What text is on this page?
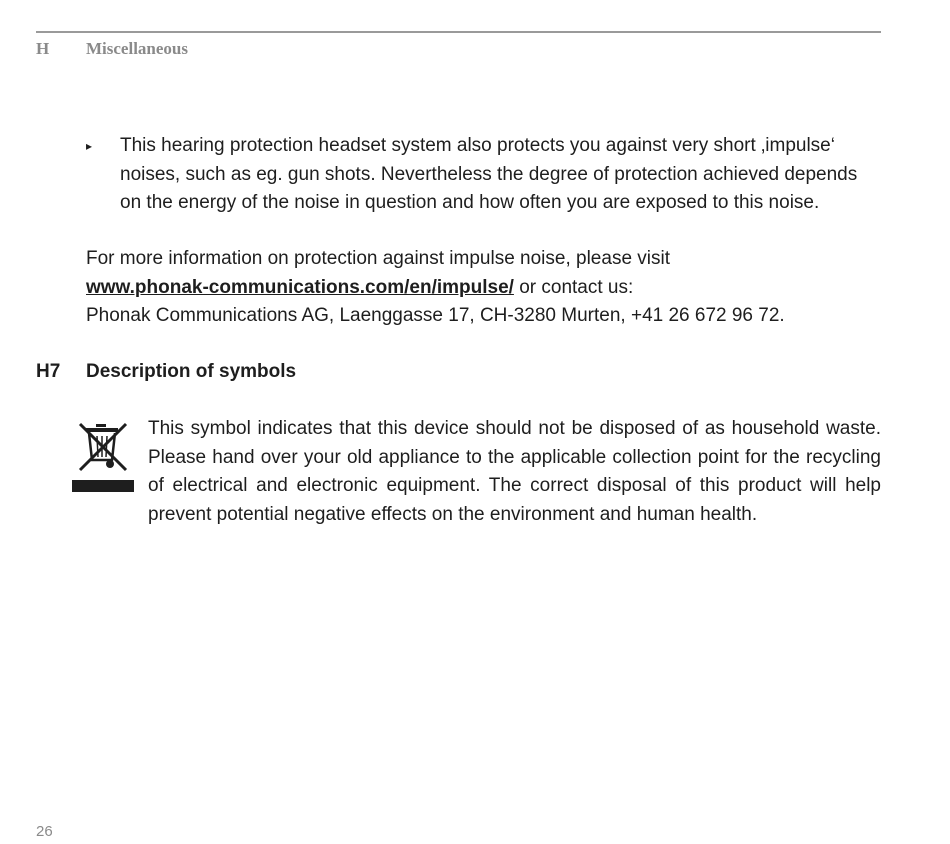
H Miscellaneous
▸ This hearing protection headset system also protects you against very short ‚impulse‘ noises, such as eg. gun shots. Nevertheless the degree of protection achieved depends on the energy of the noise in question and how often you are exposed to this noise.
For more information on protection against impulse noise, please visit
www.phonak-communications.com/en/impulse/ or contact us:
Phonak Communications AG, Laenggasse 17, CH-3280 Murten, +41 26 672 96 72.
H7 Description of symbols
This symbol indicates that this device should not be disposed of as household waste. Please hand over your old appliance to the applicable collection point for the recycling of electrical and electronic equipment. The correct disposal of this product will help prevent potential negative effects on the environment and human health.
26
